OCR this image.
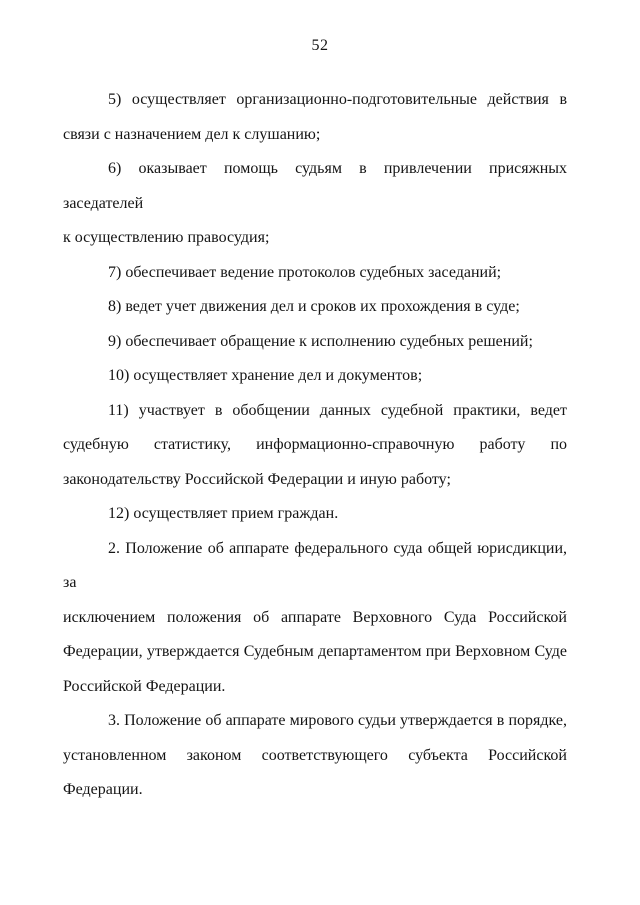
52
5) осуществляет организационно-подготовительные действия в
связи с назначением дел к слушанию;
6) оказывает помощь судьям в привлечении присяжных заседателей
к осуществлению правосудия;
7) обеспечивает ведение протоколов судебных заседаний;
8) ведет учет движения дел и сроков их прохождения в суде;
9) обеспечивает обращение к исполнению судебных решений;
10) осуществляет хранение дел и документов;
11) участвует в обобщении данных судебной практики, ведет
судебную статистику, информационно-справочную работу по
законодательству Российской Федерации и иную работу;
12) осуществляет прием граждан.
2. Положение об аппарате федерального суда общей юрисдикции, за
исключением положения об аппарате Верховного Суда Российской
Федерации, утверждается Судебным департаментом при Верховном Суде
Российской Федерации.
3. Положение об аппарате мирового судьи утверждается в порядке,
установленном законом соответствующего субъекта Российской
Федерации.
